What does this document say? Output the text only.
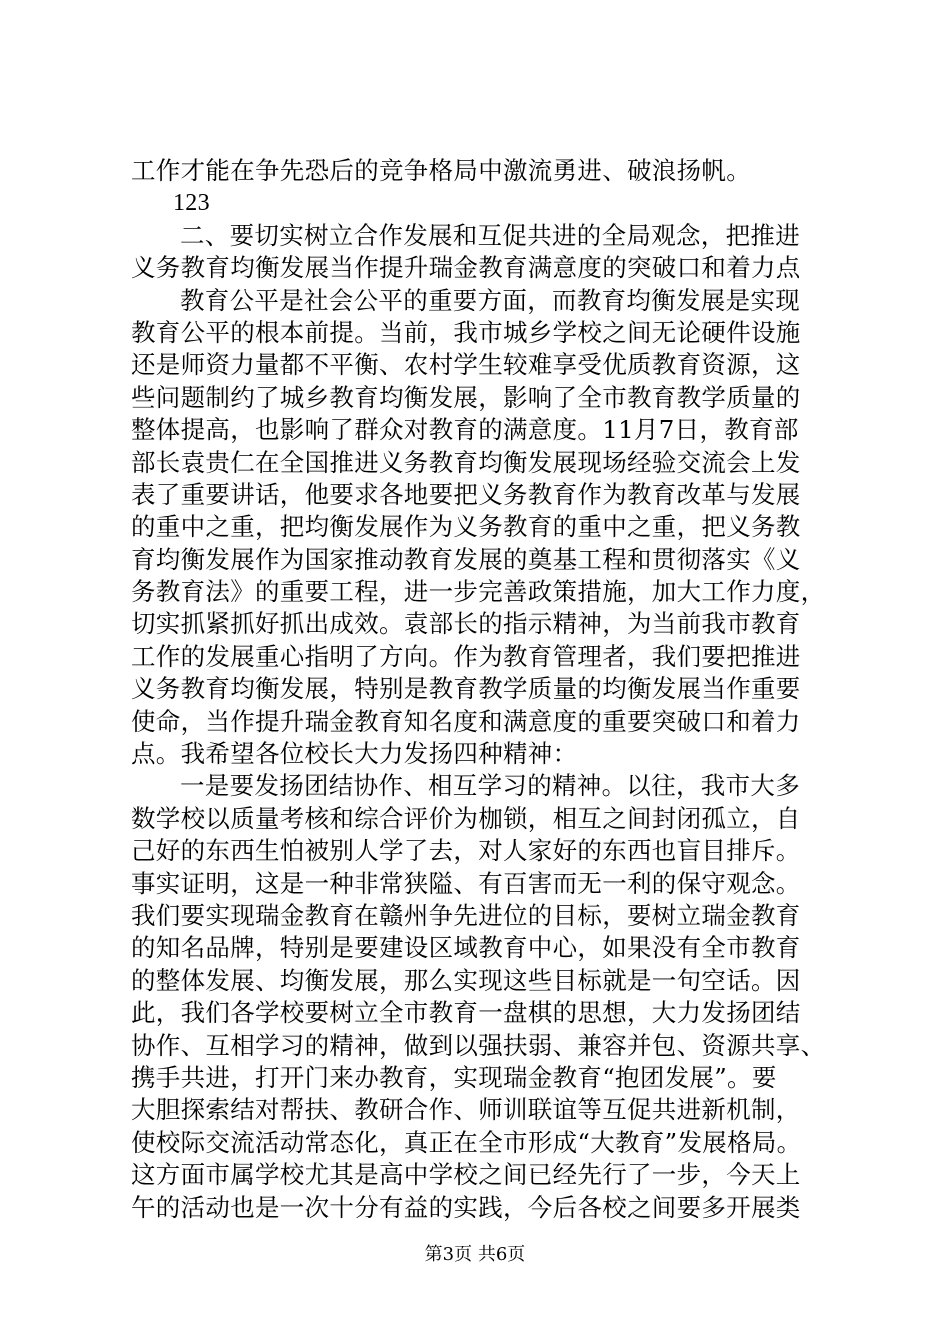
工作才能在争先恐后的竞争格局中激流勇进、破浪扬帆。
123
二、要切实树立合作发展和互促共进的全局观念，把推进
义务教育均衡发展当作提升瑞金教育满意度的突破口和着力点
教育公平是社会公平的重要方面，而教育均衡发展是实现
教育公平的根本前提。当前，我市城乡学校之间无论硬件设施
还是师资力量都不平衡、农村学生较难享受优质教育资源，这
些问题制约了城乡教育均衡发展，影响了全市教育教学质量的
整体提高，也影响了群众对教育的满意度。11月7日，教育部
部长袁贵仁在全国推进义务教育均衡发展现场经验交流会上发
表了重要讲话，他要求各地要把义务教育作为教育改革与发展
的重中之重，把均衡发展作为义务教育的重中之重，把义务教
育均衡发展作为国家推动教育发展的奠基工程和贯彻落实《义
务教育法》的重要工程，进一步完善政策措施，加大工作力度，
切实抓紧抓好抓出成效。袁部长的指示精神，为当前我市教育
工作的发展重心指明了方向。作为教育管理者，我们要把推进
义务教育均衡发展，特别是教育教学质量的均衡发展当作重要
使命，当作提升瑞金教育知名度和满意度的重要突破口和着力
点。我希望各位校长大力发扬四种精神：
一是要发扬团结协作、相互学习的精神。以往，我市大多
数学校以质量考核和综合评价为枷锁，相互之间封闭孤立，自
己好的东西生怕被别人学了去，对人家好的东西也盲目排斥。
事实证明，这是一种非常狭隘、有百害而无一利的保守观念。
我们要实现瑞金教育在赣州争先进位的目标，要树立瑞金教育
的知名品牌，特别是要建设区域教育中心，如果没有全市教育
的整体发展、均衡发展，那么实现这些目标就是一句空话。因
此，我们各学校要树立全市教育一盘棋的思想，大力发扬团结
协作、互相学习的精神，做到以强扶弱、兼容并包、资源共享、
携手共进，打开门来办教育，实现瑞金教育“抱团发展”。要
大胆探索结对帮扶、教研合作、师训联谊等互促共进新机制，
使校际交流活动常态化，真正在全市形成“大教育”发展格局。
这方面市属学校尤其是高中学校之间已经先行了一步，今天上
午的活动也是一次十分有益的实践，今后各校之间要多开展类
第3页 共6页
